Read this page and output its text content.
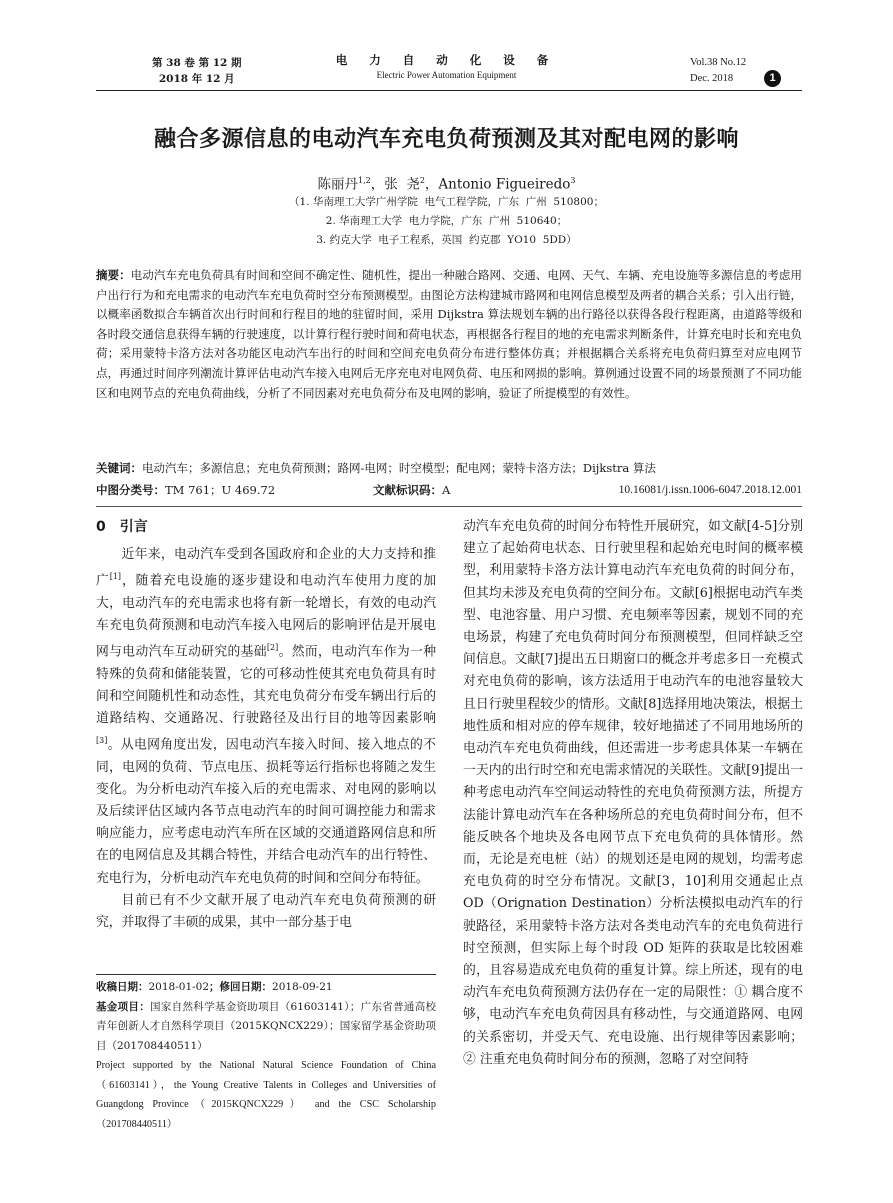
第 38 卷 第 12 期
2018 年 12 月
电 力 自 动 化 设 备
Electric Power Automation Equipment
Vol.38 No.12
Dec. 2018	1
融合多源信息的电动汽车充电负荷预测及其对配电网的影响
陈丽丹$^{1,2}$，张  尧$^2$，Antonio Figueiredo$^3$
（1. 华南理工大学广州学院  电气工程学院，广东  广州  510800；
2. 华南理工大学  电力学院，广东  广州  510640；
3. 约克大学  电子工程系，英国  约克郡  YO10  5DD）
摘要：电动汽车充电负荷具有时间和空间不确定性、随机性，提出一种融合路网、交通、电网、天气、车辆、充电设施等多源信息的考虑用户出行行为和充电需求的电动汽车充电负荷时空分布预测模型。由图论方法构建城市路网和电网信息模型及两者的耦合关系；引入出行链，以概率函数拟合车辆首次出行时间和行程目的地的驻留时间，采用 Dijkstra 算法规划车辆的出行路径以获得各段行程距离，由道路等级和各时段交通信息获得车辆的行驶速度，以计算行程行驶时间和荷电状态，再根据各行程目的地的充电需求判断条件，计算充电时长和充电负荷；采用蒙特卡洛方法对各功能区电动汽车出行的时间和空间充电负荷分布进行整体仿真；并根据耦合关系将充电负荷归算至对应电网节点，再通过时间序列潮流计算评估电动汽车接入电网后无序充电对电网负荷、电压和网损的影响。算例通过设置不同的场景预测了不同功能区和电网节点的充电负荷曲线，分析了不同因素对充电负荷分布及电网的影响，验证了所提模型的有效性。
关键词：电动汽车；多源信息；充电负荷预测；路网-电网；时空模型；配电网；蒙特卡洛方法；Dijkstra 算法
中图分类号：TM 761；U 469.72	文献标识码：A	10.16081/j.issn.1006-6047.2018.12.001
0 引言

近年来，电动汽车受到各国政府和企业的大力支持和推广[1]，随着充电设施的逐步建设和电动汽车使用力度的加大，电动汽车的充电需求也将有新一轮增长，有效的电动汽车充电负荷预测和电动汽车接入电网后的影响评估是开展电网与电动汽车互动研究的基础[2]。然而，电动汽车作为一种特殊的负荷和储能装置，它的可移动性使其充电负荷具有时间和空间随机性和动态性，其充电负荷分布受车辆出行后的道路结构、交通路况、行驶路径及出行目的地等因素影响[3]。从电网角度出发，因电动汽车接入时间、接入地点的不同，电网的负荷、节点电压、损耗等运行指标也将随之发生变化。为分析电动汽车接入后的充电需求、对电网的影响以及后续评估区域内各节点电动汽车的时间可调控能力和需求响应能力，应考虑电动汽车所在区域的交通道路网信息和所在的电网信息及其耦合特性，并结合电动汽车的出行特性、充电行为，分析电动汽车充电负荷的时间和空间分布特征。

目前已有不少文献开展了电动汽车充电负荷预测的研究，并取得了丰硕的成果，其中一部分基于电

收稿日期：2018-01-02；修回日期：2018-09-21
基金项目：国家自然科学基金资助项目（61603141）；广东省普通高校青年创新人才自然科学项目（2015KQNCX229）；国家留学基金资助项目（201708440511）
Project supported by the National Natural Science Foundation of China（61603141），the Young Creative Talents in Colleges and Universities of Guangdong Province（2015KQNCX229） and the CSC Scholarship（201708440511）

动汽车充电负荷的时间分布特性开展研究，如文献[4-5]分别建立了起始荷电状态、日行驶里程和起始充电时间的概率模型，利用蒙特卡洛方法计算电动汽车充电负荷的时间分布，但其均未涉及充电负荷的空间分布。文献[6]根据电动汽车类型、电池容量、用户习惯、充电频率等因素，规划不同的充电场景，构建了充电负荷时间分布预测模型，但同样缺乏空间信息。文献[7]提出五日期窗口的概念并考虑多日一充模式对充电负荷的影响，该方法适用于电动汽车的电池容量较大且日行驶里程较少的情形。文献[8]选择用地决策法，根据土地性质和相对应的停车规律，较好地描述了不同用地场所的电动汽车充电负荷曲线，但还需进一步考虑具体某一车辆在一天内的出行时空和充电需求情况的关联性。文献[9]提出一种考虑电动汽车空间运动特性的充电负荷预测方法，所提方法能计算电动汽车在各种场所总的充电负荷时间分布，但不能反映各个地块及各电网节点下充电负荷的具体情形。然而，无论是充电桩（站）的规划还是电网的规划，均需考虑充电负荷的时空分布情况。文献[3，10]利用交通起止点 OD（Orignation Destination）分析法模拟电动汽车的行驶路径，采用蒙特卡洛方法对各类电动汽车的充电负荷进行时空预测，但实际上每个时段 OD 矩阵的获取是比较困难的，且容易造成充电负荷的重复计算。综上所述，现有的电动汽车充电负荷预测方法仍存在一定的局限性：① 耦合度不够，电动汽车充电负荷因具有移动性，与交通道路网、电网的关系密切，并受天气、充电设施、出行规律等因素影响；② 注重充电负荷时间分布的预测，忽略了对空间特
